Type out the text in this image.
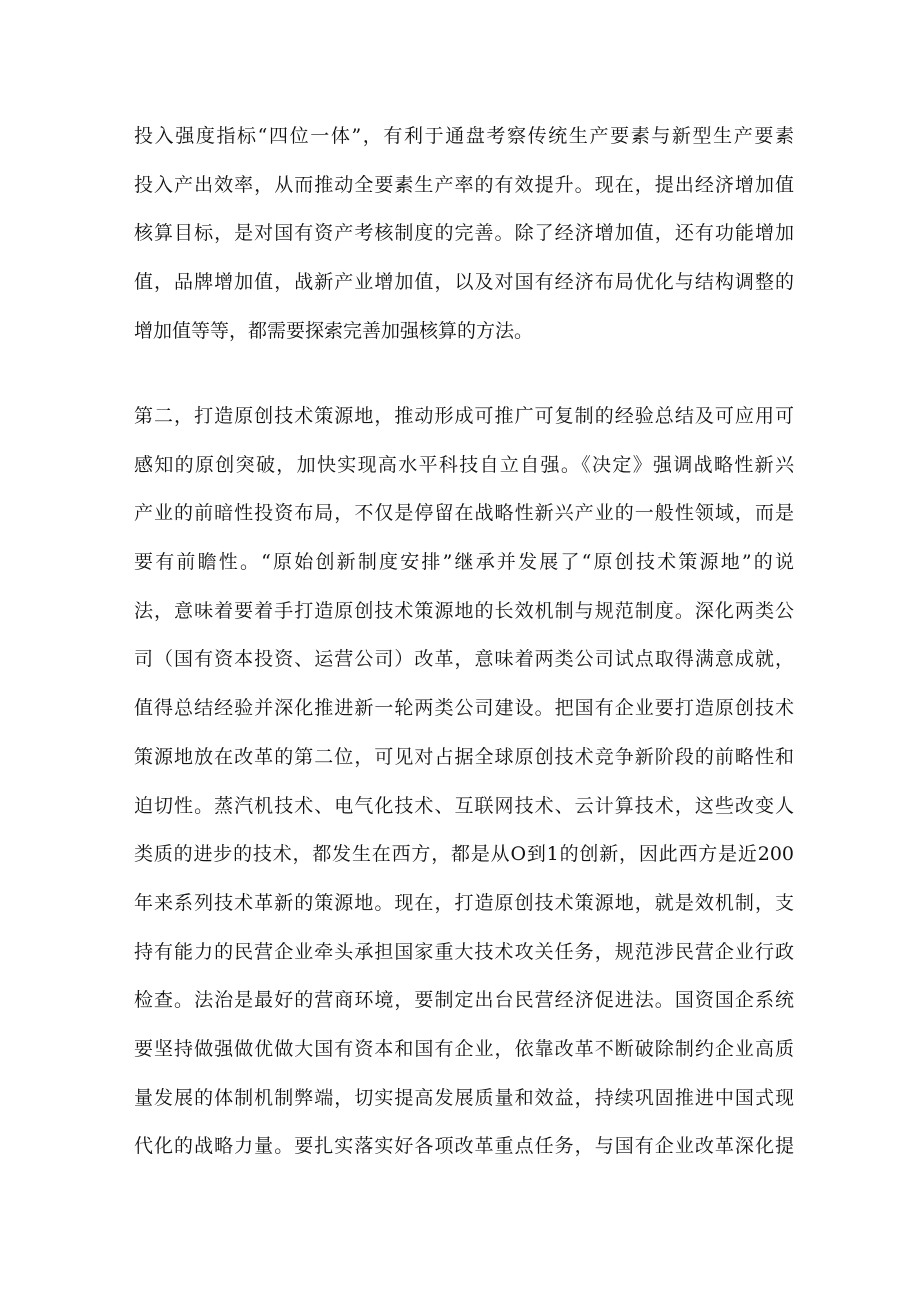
投入强度指标“四位一体”，有利于通盘考察传统生产要素与新型生产要素
投入产出效率，从而推动全要素生产率的有效提升。现在，提出经济增加值
核算目标，是对国有资产考核制度的完善。除了经济增加值，还有功能增加
值，品牌增加值，战新产业增加值，以及对国有经济布局优化与结构调整的
增加值等等，都需要探索完善加强核算的方法。
第二，打造原创技术策源地，推动形成可推广可复制的经验总结及可应用可
感知的原创突破，加快实现高水平科技自立自强。《决定》强调战略性新兴
产业的前暗性投资布局，不仅是停留在战略性新兴产业的一般性领域，而是
要有前瞻性。“原始创新制度安排”继承并发展了“原创技术策源地”的说
法，意味着要着手打造原创技术策源地的长效机制与规范制度。深化两类公
司（国有资本投资、运营公司）改革，意味着两类公司试点取得满意成就，
值得总结经验并深化推进新一轮两类公司建设。把国有企业要打造原创技术
策源地放在改革的第二位，可见对占据全球原创技术竞争新阶段的前略性和
迫切性。蒸汽机技术、电气化技术、互联网技术、云计算技术，这些改变人
类质的进步的技术，都发生在西方，都是从O到1的创新，因此西方是近200
年来系列技术革新的策源地。现在，打造原创技术策源地，就是效机制，支
持有能力的民营企业牵头承担国家重大技术攻关任务，规范涉民营企业行政
检查。法治是最好的营商环境，要制定出台民营经济促进法。国资国企系统
要坚持做强做优做大国有资本和国有企业，依靠改革不断破除制约企业高质
量发展的体制机制弊端，切实提高发展质量和效益，持续巩固推进中国式现
代化的战略力量。要扎实落实好各项改革重点任务，与国有企业改革深化提
